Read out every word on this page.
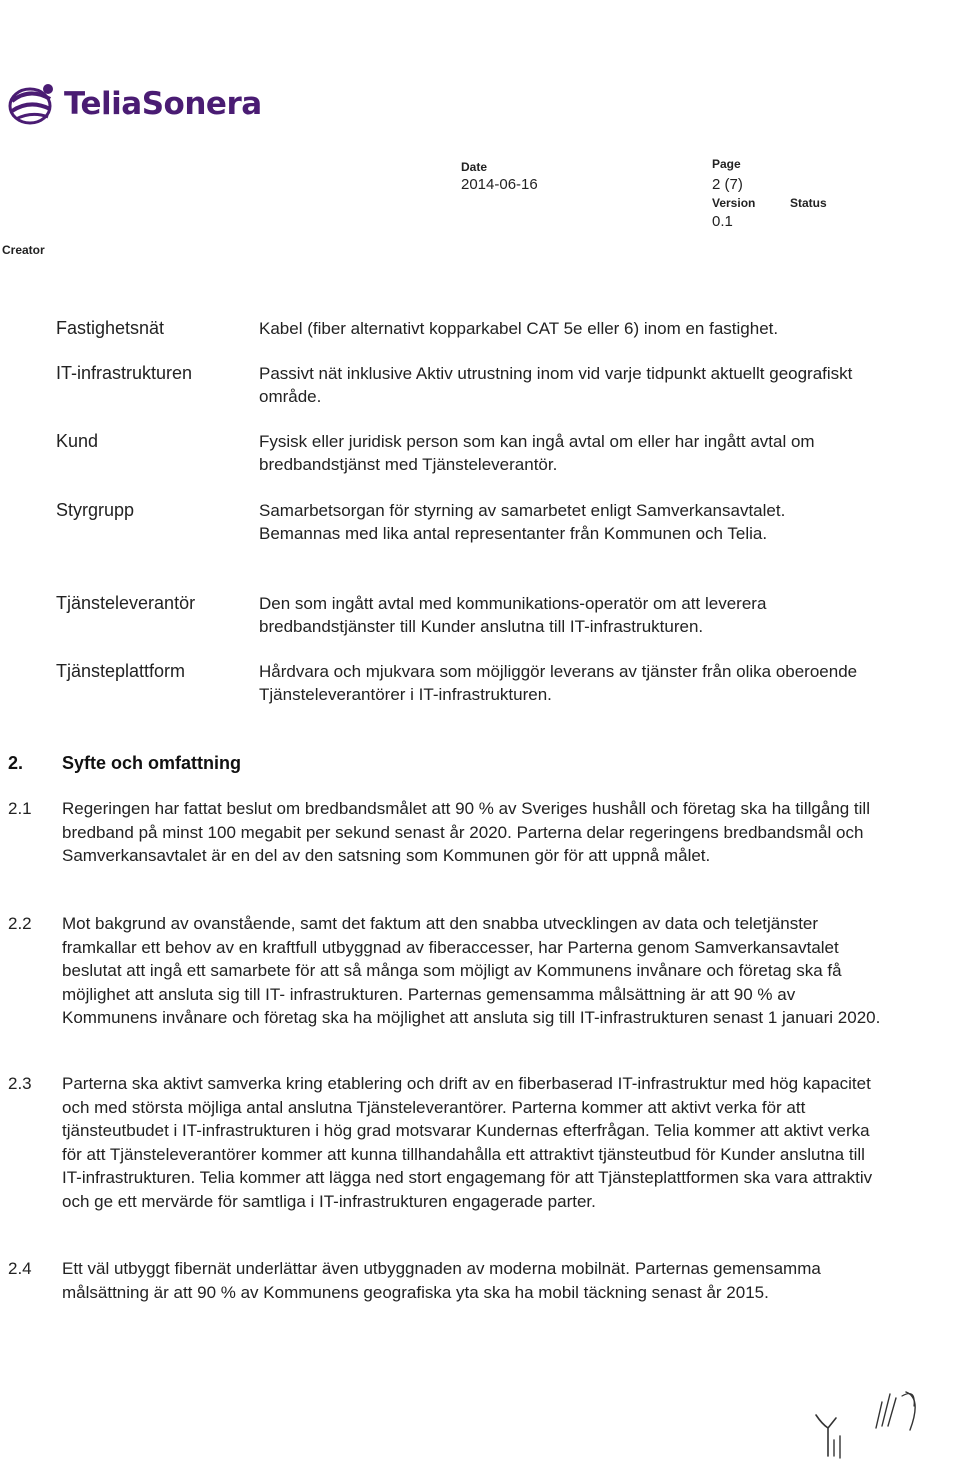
TeliaSonera
Date
2014-06-16
Page
2 (7)
Version	Status
0.1
Creator
Fastighetsnät	Kabel (fiber alternativt kopparkabel CAT 5e eller 6) inom en fastighet.
IT-infrastrukturen	Passivt nät inklusive Aktiv utrustning inom vid varje tidpunkt aktuellt geografiskt område.
Kund	Fysisk eller juridisk person som kan ingå avtal om eller har ingått avtal om bredbandstjänst med Tjänsteleverantör.
Styrgrupp	Samarbetsorgan för styrning av samarbetet enligt Samverkansavtalet. Bemannas med lika antal representanter från Kommunen och Telia.
Tjänsteleverantör	Den som ingått avtal med kommunikations-operatör om att leverera bredbandstjänster till Kunder anslutna till IT-infrastrukturen.
Tjänsteplattform	Hårdvara och mjukvara som möjliggör leverans av tjänster från olika oberoende Tjänsteleverantörer i IT-infrastrukturen.
2. Syfte och omfattning
2.1 Regeringen har fattat beslut om bredbandsmålet att 90 % av Sveriges hushåll och företag ska ha tillgång till bredband på minst 100 megabit per sekund senast år 2020. Parterna delar regeringens bredbandsmål och Samverkansavtalet är en del av den satsning som Kommunen gör för att uppnå målet.
2.2 Mot bakgrund av ovanstående, samt det faktum att den snabba utvecklingen av data och teletjänster framkallar ett behov av en kraftfull utbyggnad av fiberaccesser, har Parterna genom Samverkansavtalet beslutat att ingå ett samarbete för att så många som möjligt av Kommunens invånare och företag ska få möjlighet att ansluta sig till IT- infrastrukturen. Parternas gemensamma målsättning är att 90 % av Kommunens invånare och företag ska ha möjlighet att ansluta sig till IT-infrastrukturen senast 1 januari 2020.
2.3 Parterna ska aktivt samverka kring etablering och drift av en fiberbaserad IT-infrastruktur med hög kapacitet och med största möjliga antal anslutna Tjänsteleverantörer. Parterna kommer att aktivt verka för att tjänsteutbudet i IT-infrastrukturen i hög grad motsvarar Kundernas efterfrågan. Telia kommer att aktivt verka för att Tjänsteleverantörer kommer att kunna tillhandahålla ett attraktivt tjänsteutbud för Kunder anslutna till IT-infrastrukturen. Telia kommer att lägga ned stort engagemang för att Tjänsteplattformen ska vara attraktiv och ge ett mervärde för samtliga i IT-infrastrukturen engagerade parter.
2.4 Ett väl utbyggt fibernät underlättar även utbyggnaden av moderna mobilnät. Parternas gemensamma målsättning är att 90 % av Kommunens geografiska yta ska ha mobil täckning senast år 2015.
